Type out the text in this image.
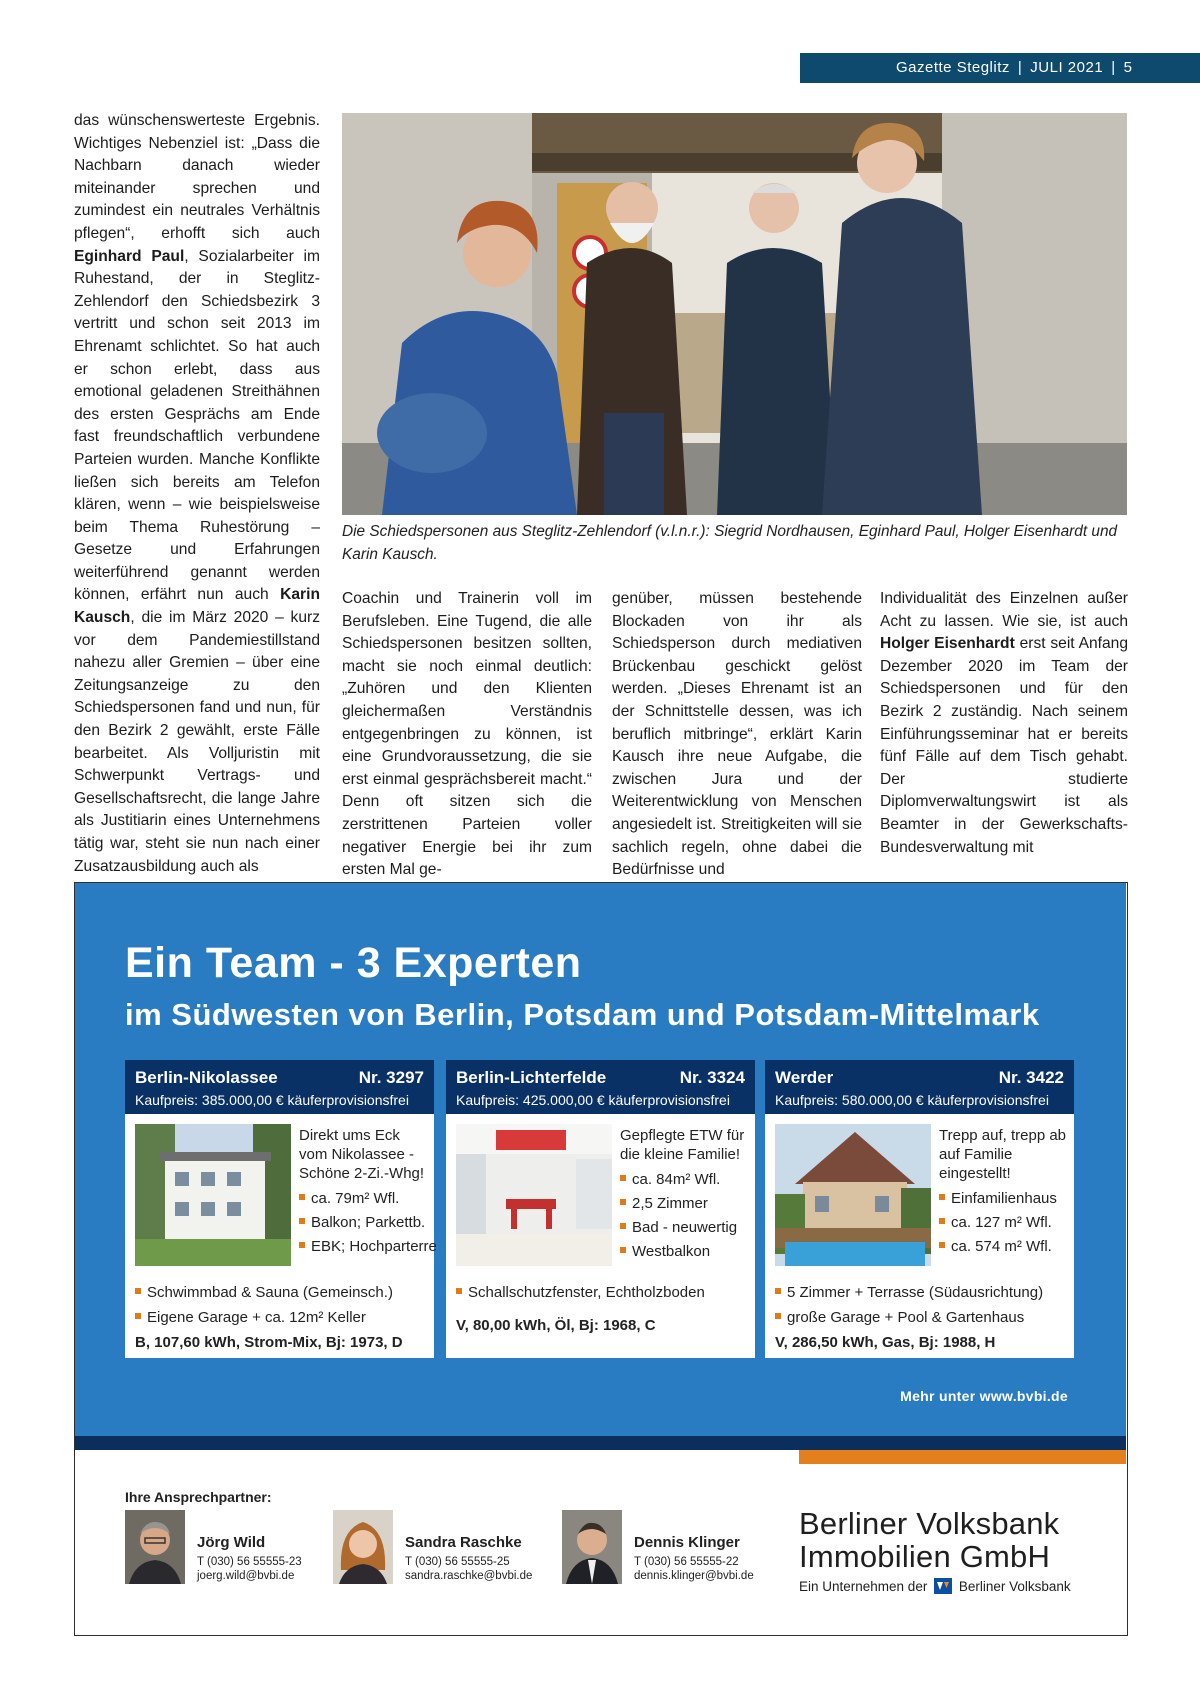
Gazette Steglitz | JULI 2021 | 5
das wünschenswerteste Ergebnis. Wichtiges Nebenziel ist: „Dass die Nachbarn danach wieder miteinander sprechen und zumindest ein neutrales Verhältnis pflegen“, erhofft sich auch Eginhard Paul, Sozialarbeiter im Ruhestand, der in Steglitz-Zehlendorf den Schiedsbezirk 3 vertritt und schon seit 2013 im Ehrenamt schlichtet. So hat auch er schon erlebt, dass aus emotional geladenen Streithähnen des ersten Gesprächs am Ende fast freundschaftlich verbundene Parteien wurden. Manche Konflikte ließen sich bereits am Telefon klären, wenn – wie beispielsweise beim Thema Ruhestörung – Gesetze und Erfahrungen weiterführend genannt werden können, erfährt nun auch Karin Kausch, die im März 2020 – kurz vor dem Pandemiestillstand nahezu aller Gremien – über eine Zeitungsanzeige zu den Schiedspersonen fand und nun, für den Bezirk 2 gewählt, erste Fälle bearbeitet. Als Volljuristin mit Schwerpunkt Vertrags- und Gesellschaftsrecht, die lange Jahre als Justitiarin eines Unternehmens tätig war, steht sie nun nach einer Zusatzausbildung auch als
Coachin und Trainerin voll im Berufsleben. Eine Tugend, die alle Schiedspersonen besitzen sollten, macht sie noch einmal deutlich: „Zuhören und den Klienten gleichermaßen Verständnis entgegenbringen zu können, ist eine Grundvoraussetzung, die sie erst einmal gesprächsbereit macht.“ Denn oft sitzen sich die zerstrittenen Parteien voller negativer Energie bei ihr zum ersten Mal ge-
genüber, müssen bestehende Blockaden von ihr als Schiedsperson durch mediativen Brückenbau geschickt gelöst werden. „Dieses Ehrenamt ist an der Schnittstelle dessen, was ich beruflich mitbringe“, erklärt Karin Kausch ihre neue Aufgabe, die zwischen Jura und der Weiterentwicklung von Menschen angesiedelt ist. Streitigkeiten will sie sachlich regeln, ohne dabei die Bedürfnisse und
Individualität des Einzelnen außer Acht zu lassen. Wie sie, ist auch Holger Eisenhardt erst seit Anfang Dezember 2020 im Team der Schiedspersonen und für den Bezirk 2 zuständig. Nach seinem Einführungsseminar hat er bereits fünf Fälle auf dem Tisch gehabt. Der studierte Diplomverwaltungswirt ist als Beamter in der Gewerkschafts-Bundesverwaltung mit
Die Schiedspersonen aus Steglitz-Zehlendorf (v.l.n.r.): Siegrid Nordhausen, Eginhard Paul, Holger Eisenhardt und Karin Kausch.
Ein Team - 3 Experten
im Südwesten von Berlin, Potsdam und Potsdam-Mittelmark
Berlin-Nikolassee	Nr. 3297
Kaufpreis: 385.000,00 € käuferprovisionsfrei
Direkt ums Eck vom Nikolassee - Schöne 2-Zi.-Whg!
ca. 79m² Wfl.
Balkon; Parkettb.
EBK; Hochparterre
Schwimmbad & Sauna (Gemeinsch.)
Eigene Garage + ca. 12m² Keller
B, 107,60 kWh, Strom-Mix, Bj: 1973, D
Berlin-Lichterfelde	Nr. 3324
Kaufpreis: 425.000,00 € käuferprovisionsfrei
Gepflegte ETW für die kleine Familie!
ca. 84m² Wfl.
2,5 Zimmer
Bad - neuwertig
Westbalkon
Schallschutzfenster, Echtholzboden
V, 80,00 kWh, Öl, Bj: 1968, C
Werder	Nr. 3422
Kaufpreis: 580.000,00 € käuferprovisionsfrei
Trepp auf, trepp ab auf Familie eingestellt!
Einfamilienhaus
ca. 127 m² Wfl.
ca. 574 m² Wfl.
5 Zimmer + Terrasse (Südausrichtung)
große Garage + Pool & Gartenhaus
V, 286,50 kWh, Gas, Bj: 1988, H
Mehr unter www.bvbi.de
Ihre Ansprechpartner:
Jörg Wild
T (030) 56 55555-23
joerg.wild@bvbi.de
Sandra Raschke
T (030) 56 55555-25
sandra.raschke@bvbi.de
Dennis Klinger
T (030) 56 55555-22
dennis.klinger@bvbi.de
Berliner Volksbank
Immobilien GmbH
Ein Unternehmen der Berliner Volksbank
